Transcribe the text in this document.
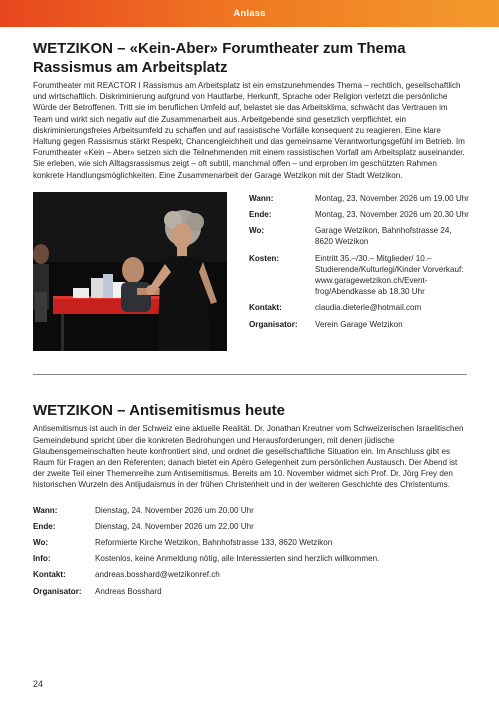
Anlass
WETZIKON – «Kein-Aber» Forumtheater zum Thema Rassismus am Arbeitsplatz

Forumtheater mit REACTOR I Rassismus am Arbeitsplatz ist ein ernstzunehmendes Thema – rechtlich, gesellschaftlich und wirtschaftlich. Diskriminierung aufgrund von Hautfarbe, Herkunft, Sprache oder Religion verletzt die persönliche Würde der Betroffenen. Tritt sie im beruflichen Umfeld auf, belastet sie das Arbeitsklima, schwächt das Vertrauen im Team und wirkt sich negativ auf die Zusammenarbeit aus. Arbeitgebende sind gesetzlich verpflichtet, ein diskriminierungsfreies Arbeitsumfeld zu schaffen und auf rassistische Vorfälle konsequent zu reagieren. Eine klare Haltung gegen Rassismus stärkt Respekt, Chancengleichheit und das gemeinsame Verantwortungsgefühl im Betrieb. Im Forumtheater «Kein – Aber» setzen sich die Teilnehmenden mit einem rassistischen Vorfall am Arbeitsplatz auseinander. Sie erleben, wie sich Alltagsrassismus zeigt – oft subtil, manchmal offen – und erproben im geschützten Rahmen konkrete Handlungsmöglichkeiten. Eine Zusammenarbeit der Garage Wetzikon mit der Stadt Wetzikon.

Wann:	Montag, 23. November 2026 um 19.00 Uhr
Ende:	Montag, 23. November 2026 um 20.30 Uhr
Wo:	Garage Wetzikon, Bahnhofstrasse 24, 8620 Wetzikon
Kosten:	Eintritt 35.–/30.– Mitglieder/ 10.– Studierende/Kulturlegi/Kinder Vorverkauf: www.garagewetzikon.ch/Eventfrog/Abendkasse ab 18.30 Uhr
Kontakt:	claudia.dieterle@hotmail.com
Organisator:	Verein Garage Wetzikon
WETZIKON – Antisemitismus heute

Antisemitismus ist auch in der Schweiz eine aktuelle Realität. Dr. Jonathan Kreutner vom Schweizerischen Israelitischen Gemeindebund spricht über die konkreten Bedrohungen und Herausforderungen, mit denen jüdische Glaubensgemeinschaften heute konfrontiert sind, und ordnet die gesellschaftliche Situation ein. Im Anschluss gibt es Raum für Fragen an den Referenten; danach bietet ein Apéro Gelegenheit zum persönlichen Austausch. Der Abend ist der zweite Teil einer Themenreihe zum Antisemitismus. Bereits am 10. November widmet sich Prof. Dr. Jörg Frey den historischen Wurzeln des Antijudaismus in der frühen Christenheit und in der weiteren Geschichte des Christentums.

Wann:	Dienstag, 24. November 2026 um 20.00 Uhr
Ende:	Dienstag, 24. November 2026 um 22.00 Uhr
Wo:	Reformierte Kirche Wetzikon, Bahnhofstrasse 133, 8620 Wetzikon
Info:	Kostenlos, keine Anmeldung nötig, alle Interessierten sind herzlich willkommen.
Kontakt:	andreas.bosshard@wetzikonref.ch
Organisator:	Andreas Bosshard
24
